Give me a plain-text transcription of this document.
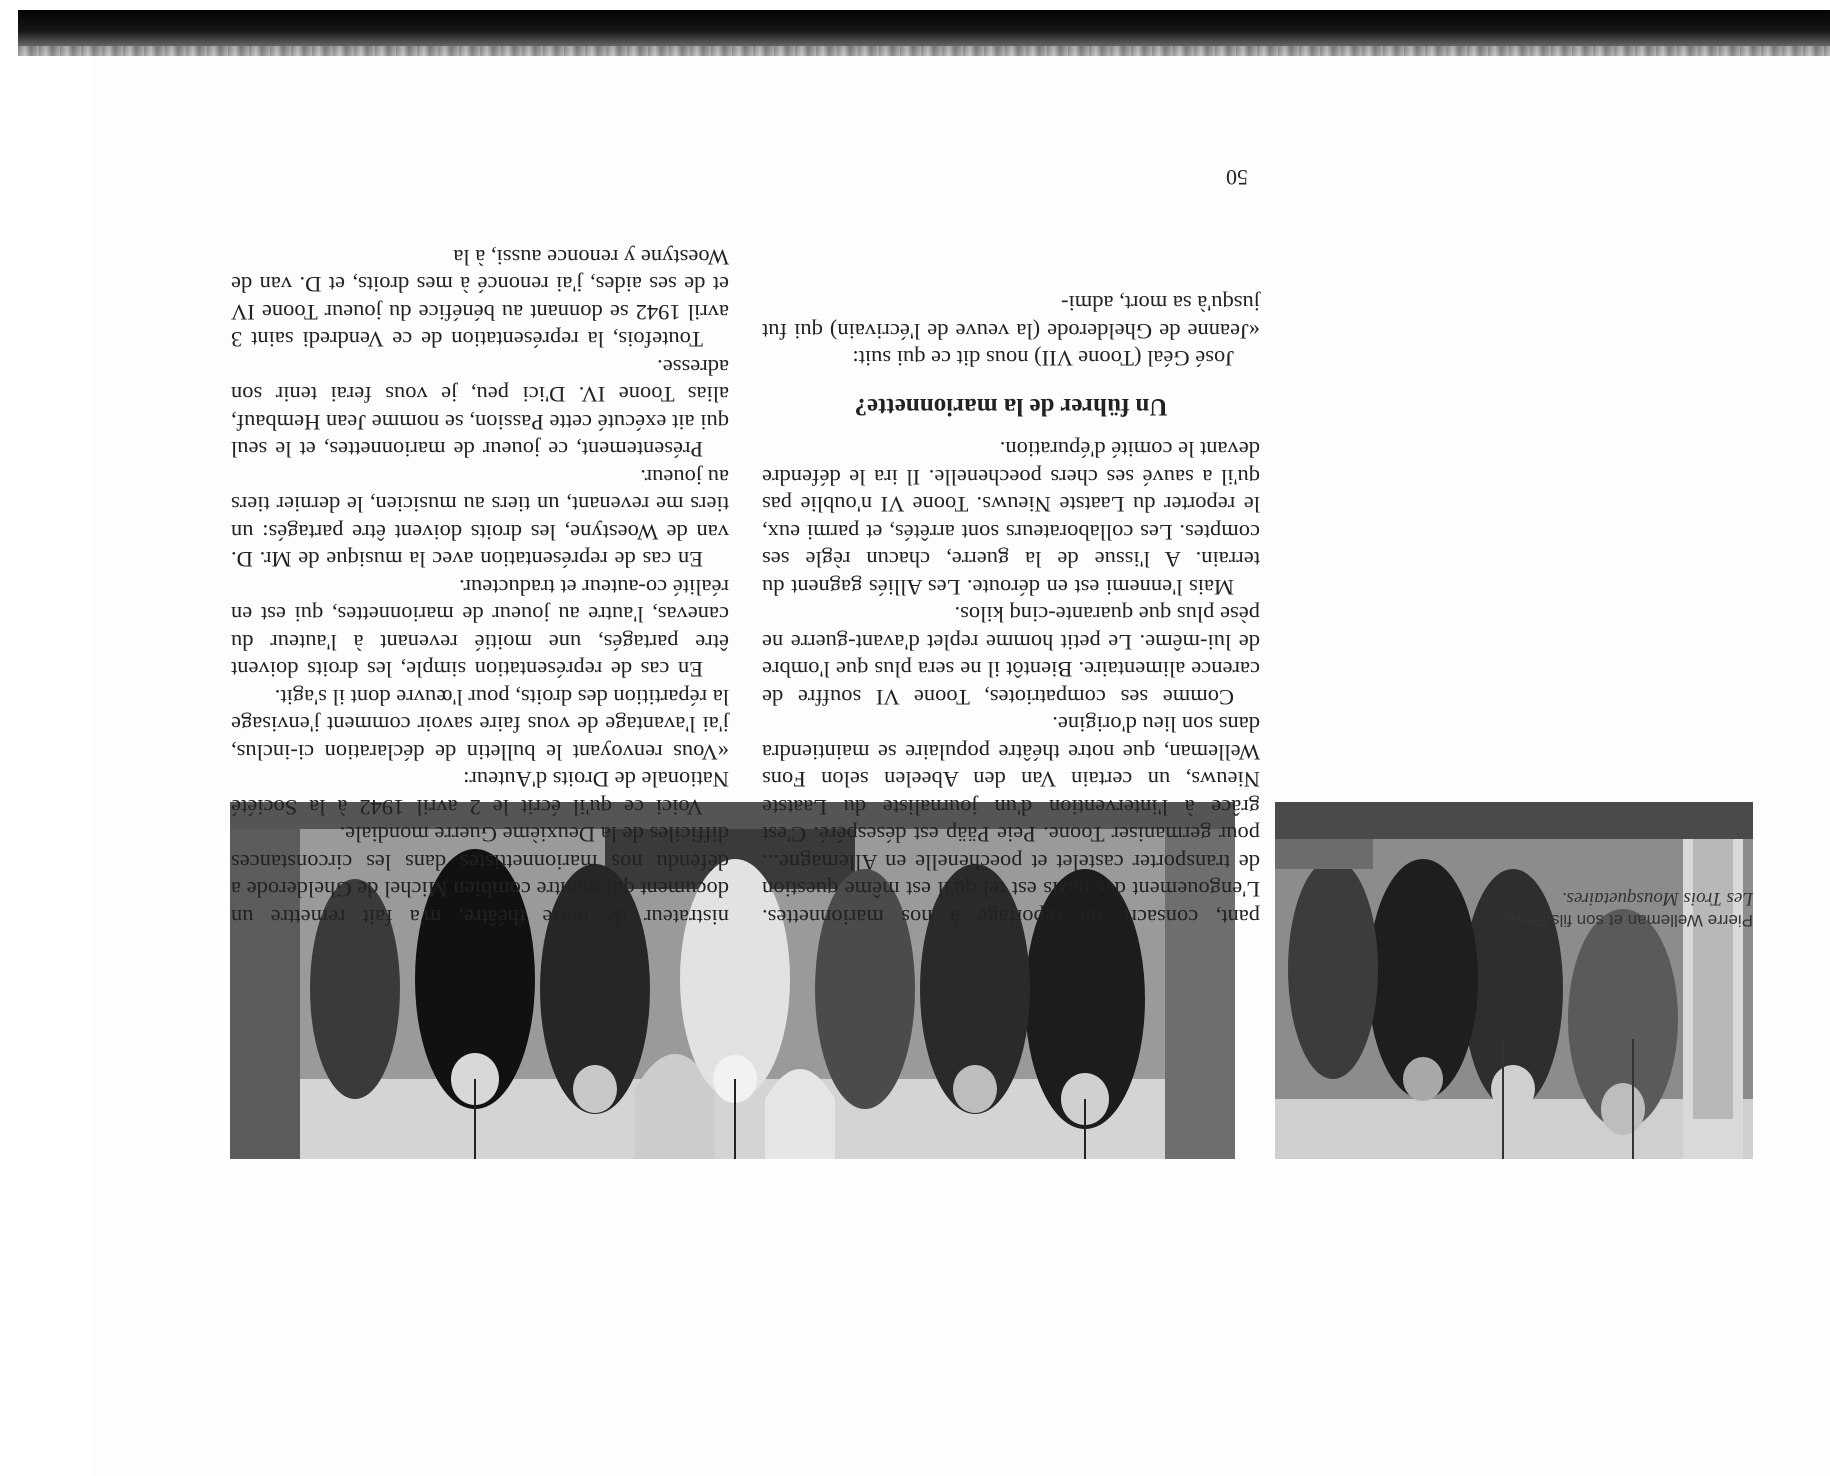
Pierre Welleman et son fils Fons.
Les Trois Mousquetaires.

pant, consacre un reportage à nos marionnettes. L'engouement des nazis est tel qu'il est même question de transporter castelet et poechenelle en Allemagne... pour germaniser Toone. Peie Pääp est désespéré. C'est grâce à l'intervention d'un journaliste du Laatste Nieuws, un certain Van den Abeelen selon Fons Welleman, que notre théâtre populaire se maintiendra dans son lieu d'origine.

Comme ses compatriotes, Toone VI souffre de carence alimentaire. Bientôt il ne sera plus que l'ombre de lui-même. Le petit homme replet d'avant-guerre ne pèse plus que quarante-cinq kilos.

Mais l'ennemi est en déroute. Les Alliés gagnent du terrain. A l'issue de la guerre, chacun règle ses comptes. Les collaborateurs sont arrêtés, et parmi eux, le reporter du Laatste Nieuws. Toone VI n'oublie pas qu'il a sauvé ses chers poechenelle. Il ira le défendre devant le comité d'épuration.

Un führer de la marionnette?

José Géal (Toone VII) nous dit ce qui suit:

«Jeanne de Ghelderode (la veuve de l'écrivain) qui fut jusqu'à sa mort, admi-

nistrateur de notre théâtre, m'a fait remettre un document qui montre combien Michel de Ghelderode a défendu nos marionnettistes dans les circonstances difficiles de la Deuxième Guerre mondiale.

Voici ce qu'il écrit le 2 avril 1942 à la Société Nationale de Droits d'Auteur:

«Vous renvoyant le bulletin de déclaration ci-inclus, j'ai l'avantage de vous faire savoir comment j'envisage la répartition des droits, pour l'œuvre dont il s'agit.

En cas de représentation simple, les droits doivent être partagés, une moitié revenant à l'auteur du canevas, l'autre au joueur de marionnettes, qui est en réalité co-auteur et traducteur.

En cas de représentation avec la musique de Mr. D. van de Woestyne, les droits doivent être partagés: un tiers me revenant, un tiers au musicien, le dernier tiers au joueur.

Présentement, ce joueur de marionnettes, et le seul qui ait exécuté cette Passion, se nomme Jean Hembauf, alias Toone IV. D'ici peu, je vous ferai tenir son adresse.

Toutefois, la représentation de ce Vendredi saint 3 avril 1942 se donnant au bénéfice du joueur Toone IV et de ses aides, j'ai renoncé à mes droits, et D. van de Woestyne y renonce aussi, à la

50
